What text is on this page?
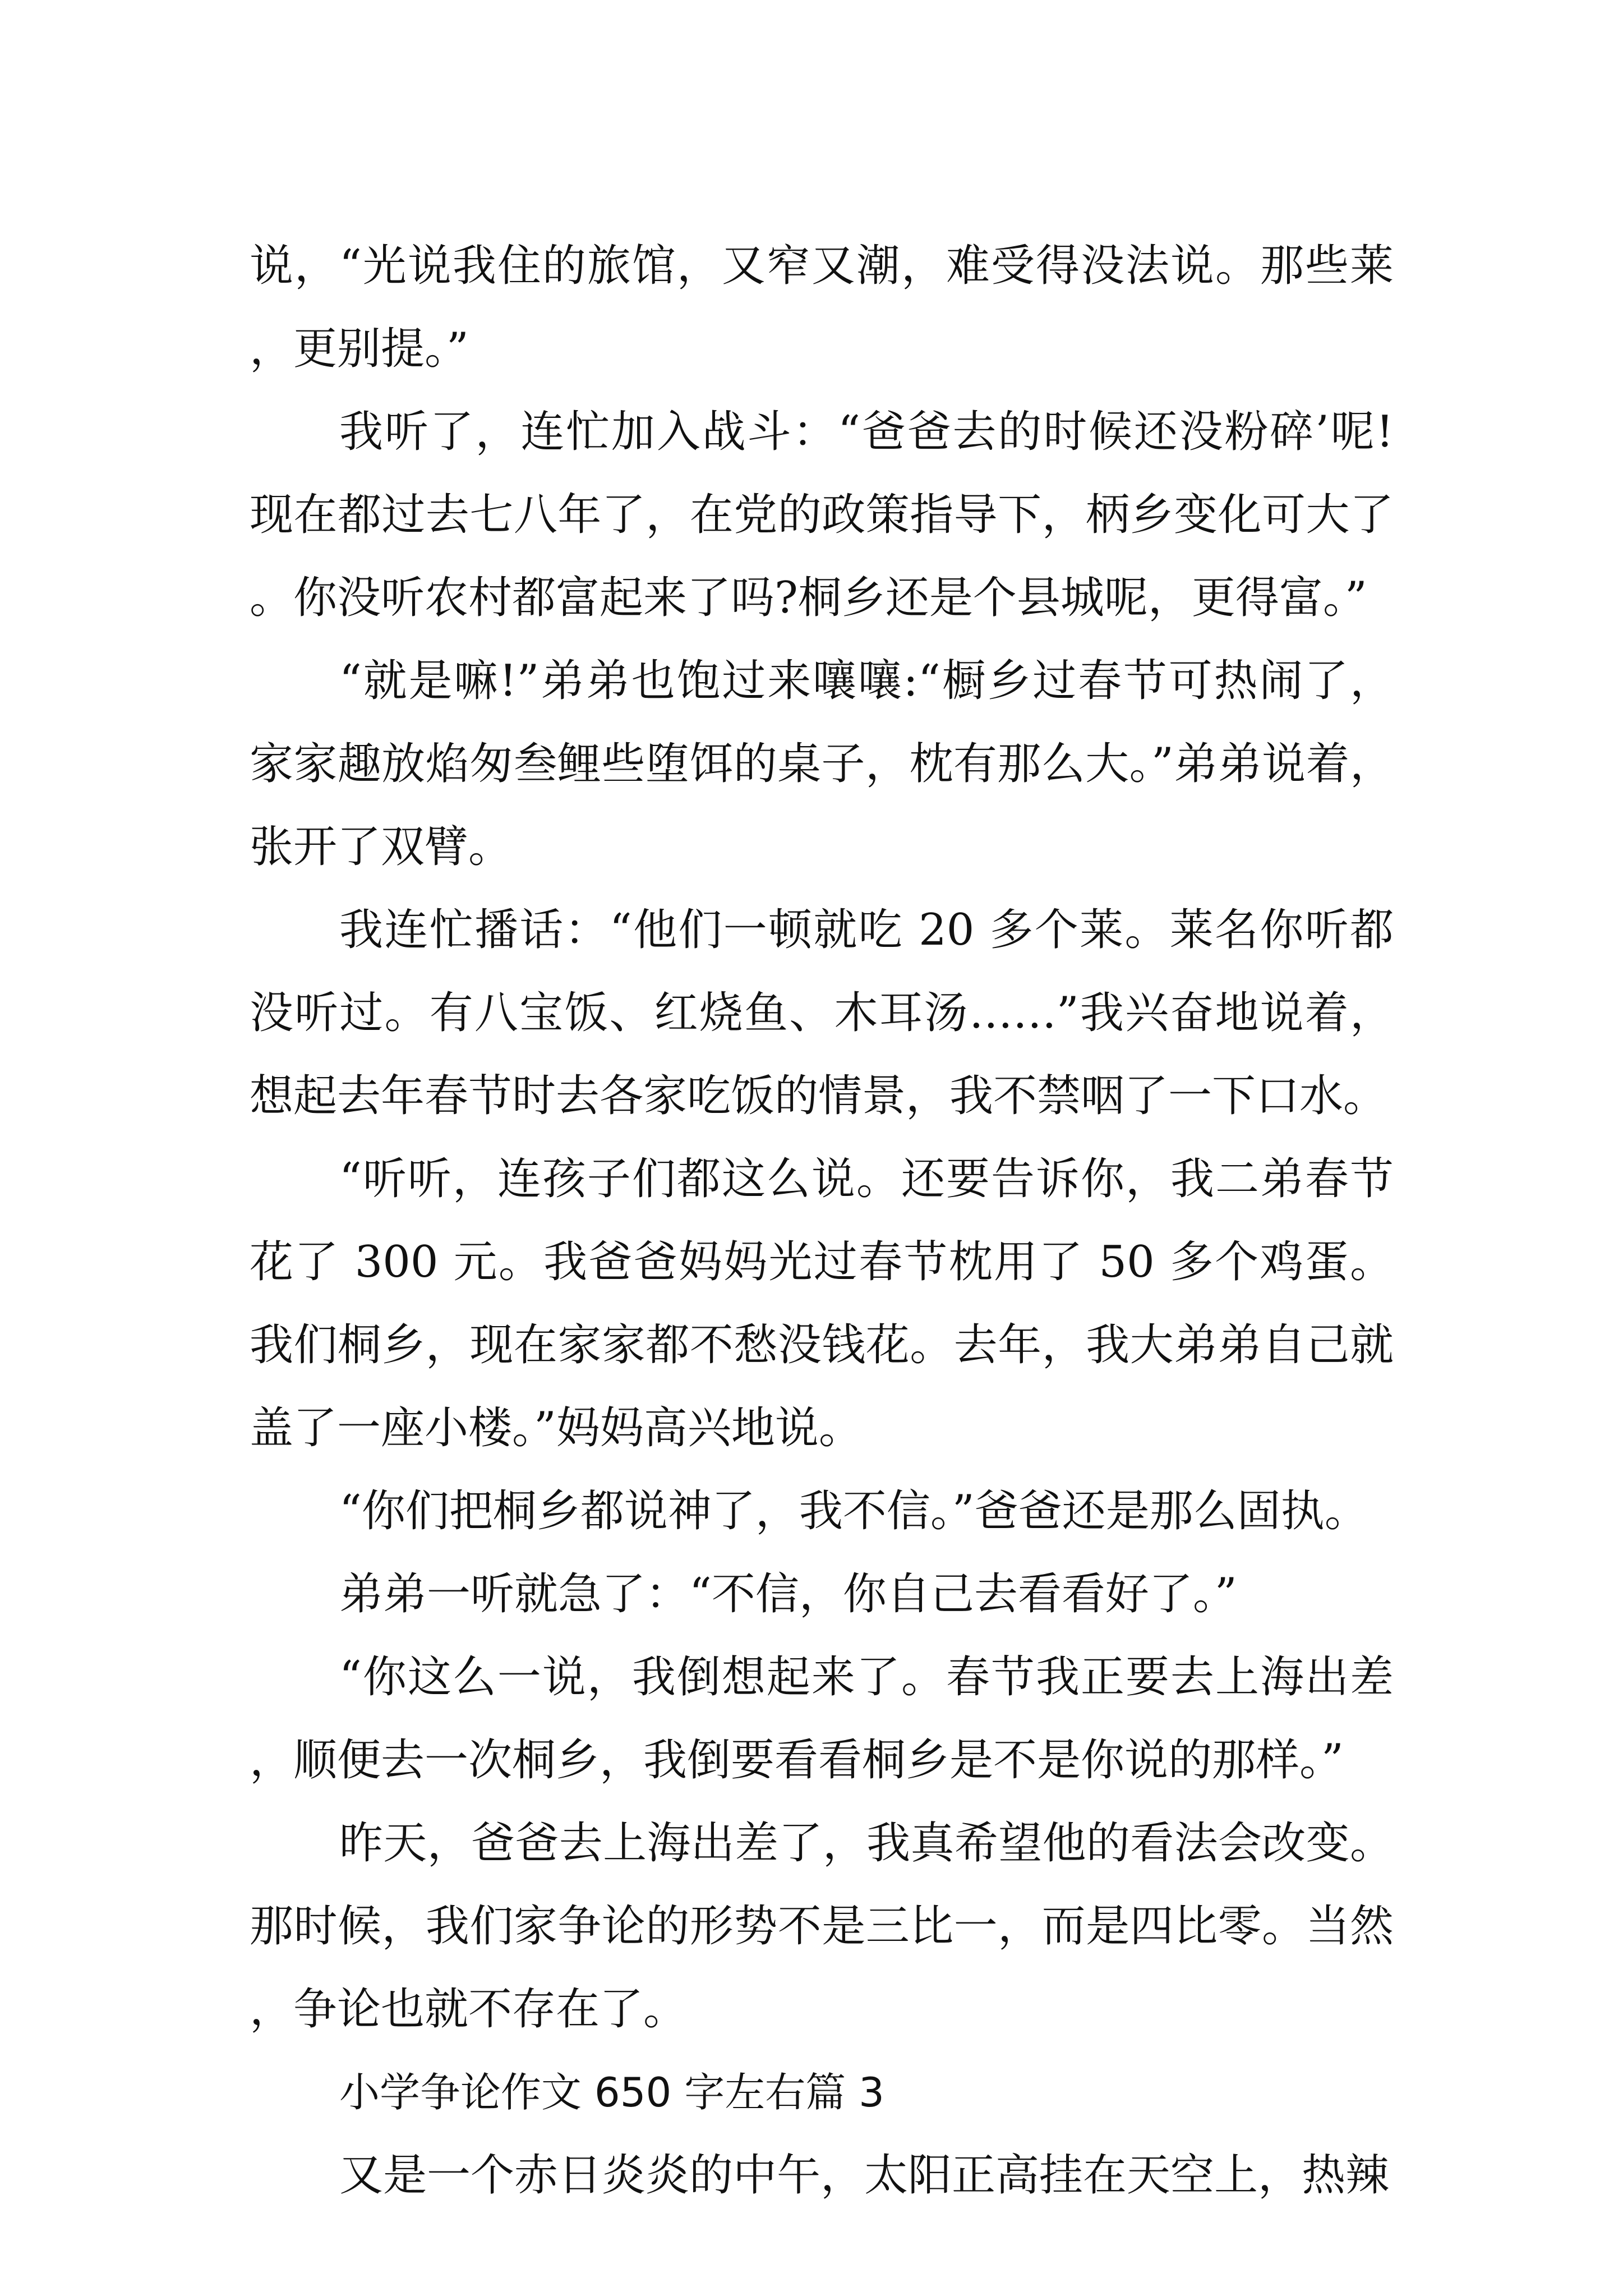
说，“光说我住的旅馆，又窄又潮，难受得没法说。那些莱，更别提。”

我听了，连忙加入战斗：“爸爸去的时候还没粉碎’呢!现在都过去七八年了，在党的政策指导下，柄乡变化可大了。你没听农村都富起来了吗?桐乡还是个县城呢，更得富。”

“就是嘛!”弟弟也饱过来嚷嚷:“橱乡过春节可热闹了，家家趣放焰匆叁鲤些堕饵的桌子，枕有那么大。”弟弟说着，张开了双臂。

我连忙播话：“他们一顿就吃 20 多个莱。莱名你听都没听过。有八宝饭、红烧鱼、木耳汤……”我兴奋地说着，想起去年春节时去各家吃饭的情景，我不禁咽了一下口水。

“听听，连孩子们都这么说。还要告诉你，我二弟春节花了 300 元。我爸爸妈妈光过春节枕用了 50 多个鸡蛋。我们桐乡，现在家家都不愁没钱花。去年，我大弟弟自己就盖了一座小楼。”妈妈高兴地说。

“你们把桐乡都说神了，我不信。”爸爸还是那么固执。

弟弟一听就急了：“不信，你自己去看看好了。”

“你这么一说，我倒想起来了。春节我正要去上海出差，顺便去一次桐乡，我倒要看看桐乡是不是你说的那样。”

昨天，爸爸去上海出差了，我真希望他的看法会改变。那时候，我们家争论的形势不是三比一，而是四比零。当然，争论也就不存在了。

小学争论作文 650 字左右篇 3

又是一个赤日炎炎的中午，太阳正高挂在天空上，热辣
